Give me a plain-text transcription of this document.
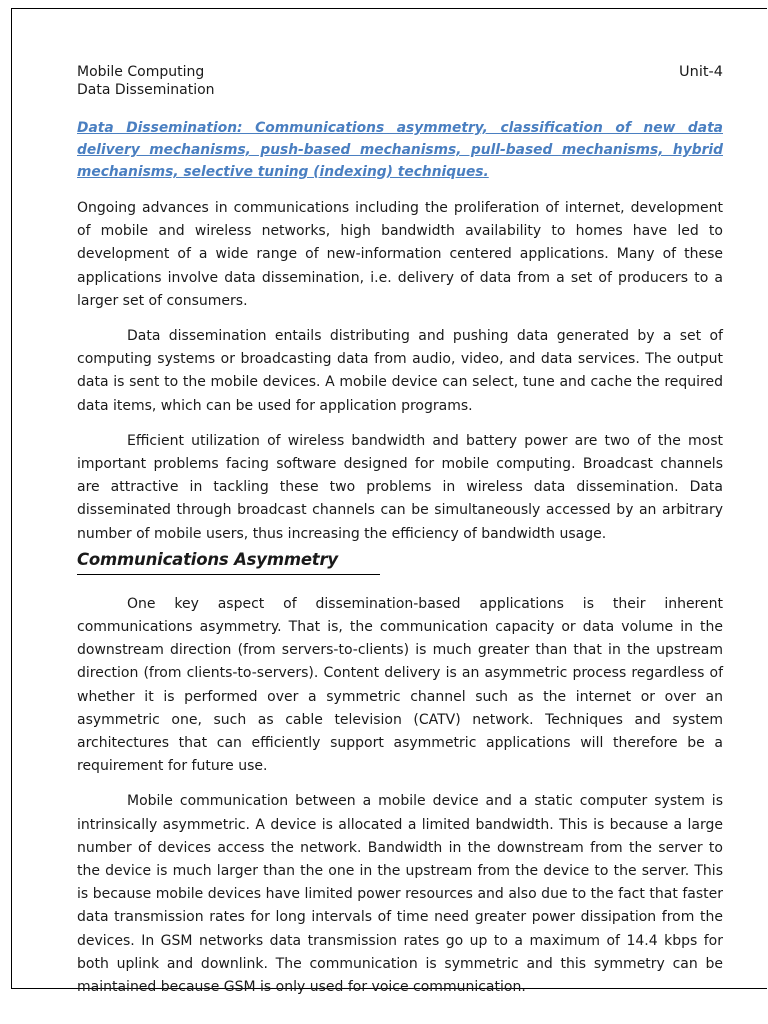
Mobile Computing
Data Dissemination
Unit-4
Data Dissemination: Communications asymmetry, classification of new data delivery mechanisms, push-based mechanisms, pull-based mechanisms, hybrid mechanisms, selective tuning (indexing) techniques.

Ongoing advances in communications including the proliferation of internet, development of mobile and wireless networks, high bandwidth availability to homes have led to development of a wide range of new-information centered applications. Many of these applications involve data dissemination, i.e. delivery of data from a set of producers to a larger set of consumers.

Data dissemination entails distributing and pushing data generated by a set of computing systems or broadcasting data from audio, video, and data services. The output data is sent to the mobile devices. A mobile device can select, tune and cache the required data items, which can be used for application programs.

Efficient utilization of wireless bandwidth and battery power are two of the most important problems facing software designed for mobile computing. Broadcast channels are attractive in tackling these two problems in wireless data dissemination. Data disseminated through broadcast channels can be simultaneously accessed by an arbitrary number of mobile users, thus increasing the efficiency of bandwidth usage.

Communications Asymmetry

One key aspect of dissemination-based applications is their inherent communications asymmetry. That is, the communication capacity or data volume in the downstream direction (from servers-to-clients) is much greater than that in the upstream direction (from clients-to-servers). Content delivery is an asymmetric process regardless of whether it is performed over a symmetric channel such as the internet or over an asymmetric one, such as cable television (CATV) network. Techniques and system architectures that can efficiently support asymmetric applications will therefore be a requirement for future use.

Mobile communication between a mobile device and a static computer system is intrinsically asymmetric. A device is allocated a limited bandwidth. This is because a large number of devices access the network. Bandwidth in the downstream from the server to the device is much larger than the one in the upstream from the device to the server. This is because mobile devices have limited power resources and also due to the fact that faster data transmission rates for long intervals of time need greater power dissipation from the devices. In GSM networks data transmission rates go up to a maximum of 14.4 kbps for both uplink and downlink. The communication is symmetric and this symmetry can be maintained because GSM is only used for voice communication.
